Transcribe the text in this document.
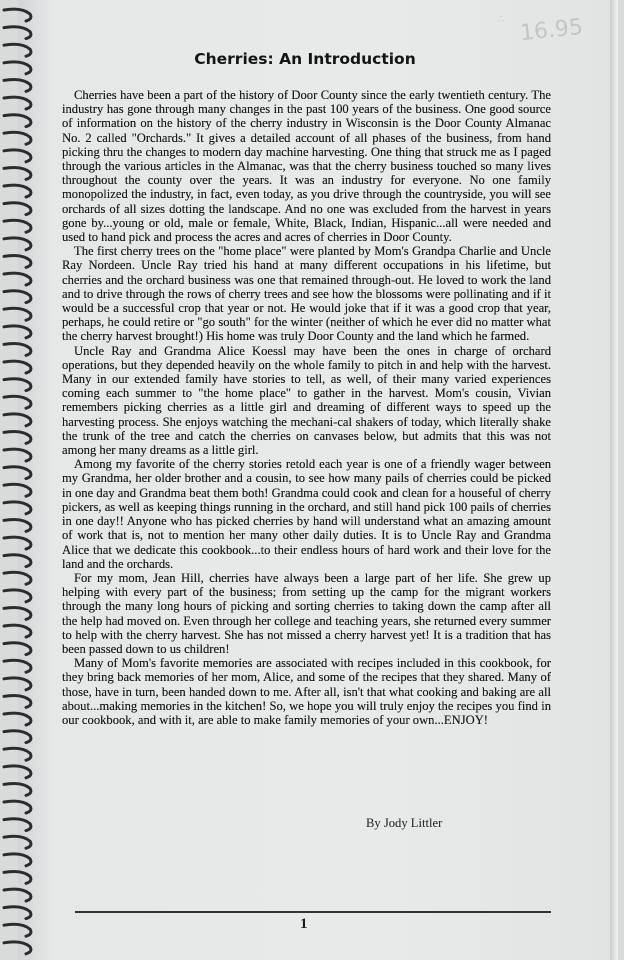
∴ 16.95
Cherries: An Introduction

Cherries have been a part of the history of Door County since the early twentieth century. The industry has gone through many changes in the past 100 years of the business. One good source of information on the history of the cherry industry in Wisconsin is the Door County Almanac No. 2 called "Orchards." It gives a detailed account of all phases of the business, from hand picking thru the changes to modern day machine harvesting. One thing that struck me as I paged through the various articles in the Almanac, was that the cherry business touched so many lives throughout the county over the years. It was an industry for everyone. No one family monopolized the industry, in fact, even today, as you drive through the countryside, you will see orchards of all sizes dotting the landscape. And no one was excluded from the harvest in years gone by...young or old, male or female, White, Black, Indian, Hispanic...all were needed and used to hand pick and process the acres and acres of cherries in Door County.

The first cherry trees on the "home place" were planted by Mom's Grandpa Charlie and Uncle Ray Nordeen. Uncle Ray tried his hand at many different occupations in his lifetime, but cherries and the orchard business was one that remained through-out. He loved to work the land and to drive through the rows of cherry trees and see how the blossoms were pollinating and if it would be a successful crop that year or not. He would joke that if it was a good crop that year, perhaps, he could retire or "go south" for the winter (neither of which he ever did no matter what the cherry harvest brought!) His home was truly Door County and the land which he farmed.

Uncle Ray and Grandma Alice Koessl may have been the ones in charge of orchard operations, but they depended heavily on the whole family to pitch in and help with the harvest. Many in our extended family have stories to tell, as well, of their many varied experiences coming each summer to "the home place" to gather in the harvest. Mom's cousin, Vivian remembers picking cherries as a little girl and dreaming of different ways to speed up the harvesting process. She enjoys watching the mechani-cal shakers of today, which literally shake the trunk of the tree and catch the cherries on canvases below, but admits that this was not among her many dreams as a little girl.

Among my favorite of the cherry stories retold each year is one of a friendly wager between my Grandma, her older brother and a cousin, to see how many pails of cherries could be picked in one day and Grandma beat them both! Grandma could cook and clean for a houseful of cherry pickers, as well as keeping things running in the orchard, and still hand pick 100 pails of cherries in one day!! Anyone who has picked cherries by hand will understand what an amazing amount of work that is, not to mention her many other daily duties. It is to Uncle Ray and Grandma Alice that we dedicate this cookbook...to their endless hours of hard work and their love for the land and the orchards.

For my mom, Jean Hill, cherries have always been a large part of her life. She grew up helping with every part of the business; from setting up the camp for the migrant workers through the many long hours of picking and sorting cherries to taking down the camp after all the help had moved on. Even through her college and teaching years, she returned every summer to help with the cherry harvest. She has not missed a cherry harvest yet! It is a tradition that has been passed down to us children!

Many of Mom's favorite memories are associated with recipes included in this cookbook, for they bring back memories of her mom, Alice, and some of the recipes that they shared. Many of those, have in turn, been handed down to me. After all, isn't that what cooking and baking are all about...making memories in the kitchen! So, we hope you will truly enjoy the recipes you find in our cookbook, and with it, are able to make family memories of your own...ENJOY!

By Jody Littler
1
